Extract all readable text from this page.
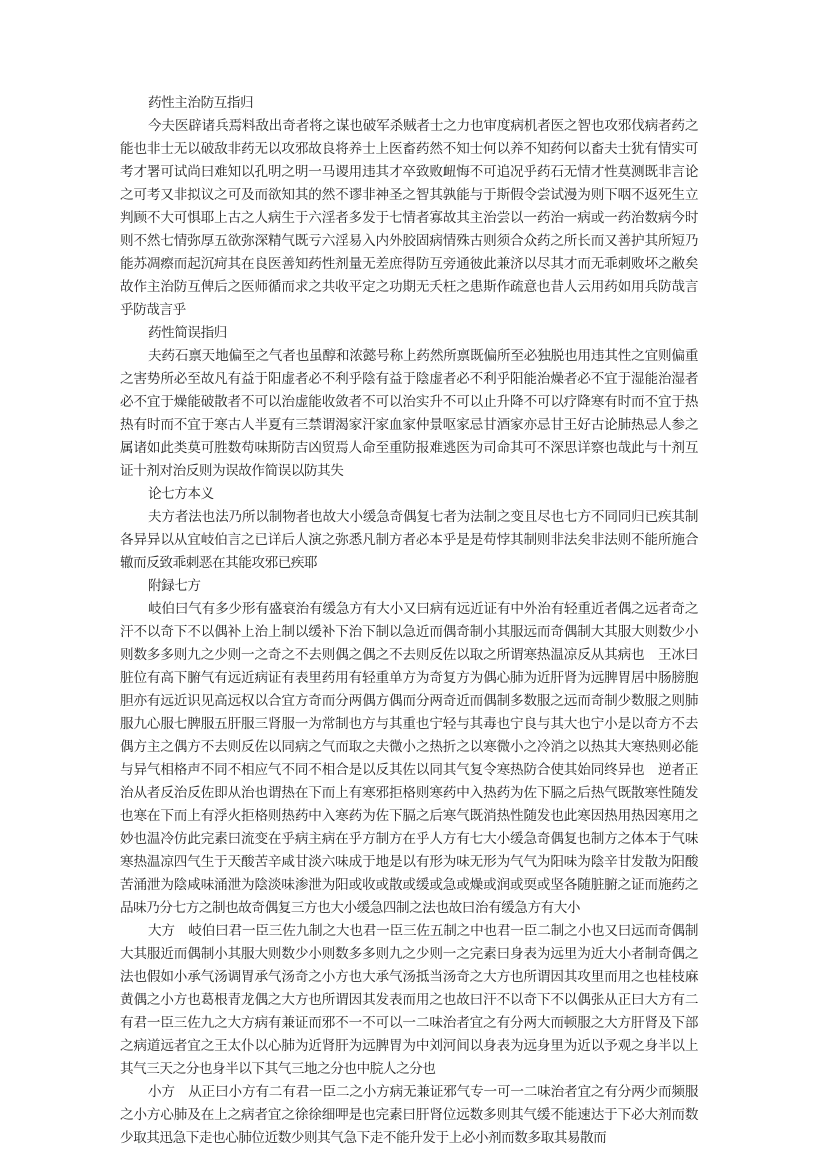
药性主治防互指归

今夫医辟诸兵焉料敌出奇者将之谋也破军杀贼者士之力也审度病机者医之智也攻邪伐病者药之能也非士无以破敌非药无以攻邪故良将养士上医畜药然不知士何以养不知药何以畜夫士犹有情实可考才署可试尚曰难知以孔明之明一马谡用违其才卒致败衄悔不可追况乎药石无情才性莫测既非言论之可考又非拟议之可及而欲知其的然不谬非神圣之智其孰能与于斯假令尝试漫为则下咽不返死生立判顾不大可惧耶上古之人病生于六淫者多发于七情者寡故其主治尝以一药治一病或一药治数病今时则不然七情弥厚五欲弥深精气既亏六淫易入内外胶固病情殊古则须合众药之所长而又善护其所短乃能苏凋瘵而起沉疴其在良医善知药性剂量无差庶得防互旁通彼此兼济以尽其才而无乖刺败坏之敝矣故作主治防互俾后之医师循而求之共收平定之功期无夭枉之患斯作疏意也昔人云用药如用兵防哉言乎防哉言乎

药性简误指归

夫药石禀天地偏至之气者也虽醇和浓懿号称上药然所禀既偏所至必独脱也用违其性之宜则偏重之害势所必至故凡有益于阳虚者必不利乎陰有益于陰虚者必不利乎阳能治燥者必不宜于湿能治湿者必不宜于燥能破散者不可以治虚能收敛者不可以治实升不可以止升降不可以疗降寒有时而不宜于热热有时而不宜于寒古人半夏有三禁谓渴家汗家血家仲景呕家忌甘酒家亦忌甘王好古论肺热忌人参之属诸如此类莫可胜数苟味斯防吉凶贸焉人命至重防报难逃医为司命其可不深思详察也哉此与十剂互证十剂对治反则为误故作简误以防其失

论七方本义

夫方者法也法乃所以制物者也故大小缓急奇偶复七者为法制之变且尽也七方不同同归已疾其制各异异以从宜岐伯言之已详后人演之弥悉凡制方者必本乎是是苟悖其制则非法矣非法则不能所施合辙而反致乖刺恶在其能攻邪已疾耶

附録七方

岐伯曰气有多少形有盛衰治有缓急方有大小又曰病有远近证有中外治有轻重近者偶之远者奇之汗不以奇下不以偶补上治上制以缓补下治下制以急近而偶奇制小其服远而奇偶制大其服大则数少小则数多多则九之少则一之奇之不去则偶之偶之不去则反佐以取之所谓寒热温凉反从其病也　王冰曰脏位有高下腑气有远近病证有表里药用有轻重单方为奇复方为偶心肺为近肝肾为远脾胃居中肠膀胞胆亦有远近识见高远权以合宜方奇而分两偶方偶而分两奇近而偶制多数服之远而奇制少数服之则肺服九心服七脾服五肝服三肾服一为常制也方与其重也宁轻与其毒也宁良与其大也宁小是以奇方不去偶方主之偶方不去则反佐以同病之气而取之夫微小之热折之以寒微小之冷消之以热其大寒热则必能与异气相格声不同不相应气不同不相合是以反其佐以同其气复令寒热防合使其始同终异也　逆者正治从者反治反佐即从治也谓热在下而上有寒邪拒格则寒药中入热药为佐下膈之后热气既散寒性随发也寒在下而上有浮火拒格则热药中入寒药为佐下膈之后寒气既消热性随发也此寒因热用热因寒用之妙也温冷仿此完素曰流变在乎病主病在乎方制方在乎人方有七大小缓急奇偶复也制方之体本于气味寒热温凉四气生于天酸苦辛咸甘淡六味成于地是以有形为味无形为气气为阳味为陰辛甘发散为阳酸苦涌泄为陰咸味涌泄为陰淡味渗泄为阳或收或散或缓或急或燥或润或耎或坚各随脏腑之证而施药之品味乃分七方之制也故奇偶复三方也大小缓急四制之法也故曰治有缓急方有大小

大方　岐伯曰君一臣三佐九制之大也君一臣三佐五制之中也君一臣二制之小也又曰远而奇偶制大其服近而偶制小其服大则数少小则数多多则九之少则一之完素曰身表为远里为近大小者制奇偶之法也假如小承气汤调胃承气汤奇之小方也大承气汤抵当汤奇之大方也所谓因其攻里而用之也桂枝麻黄偶之小方也葛根青龙偶之大方也所谓因其发表而用之也故曰汗不以奇下不以偶张从正曰大方有二有君一臣三佐九之大方病有兼证而邪不一不可以一二味治者宜之有分两大而顿服之大方肝肾及下部之病道远者宜之王太仆以心肺为近肾肝为远脾胃为中刘河间以身表为远身里为近以予观之身半以上其气三天之分也身半以下其气三地之分也中脘人之分也

小方　从正曰小方有二有君一臣二之小方病无兼证邪气专一可一二味治者宜之有分两少而频服之小方心肺及在上之病者宜之徐徐细呷是也完素曰肝肾位远数多则其气缓不能速达于下必大剂而数少取其迅急下走也心肺位近数少则其气急下走不能升发于上必小剂而数多取其易散而
